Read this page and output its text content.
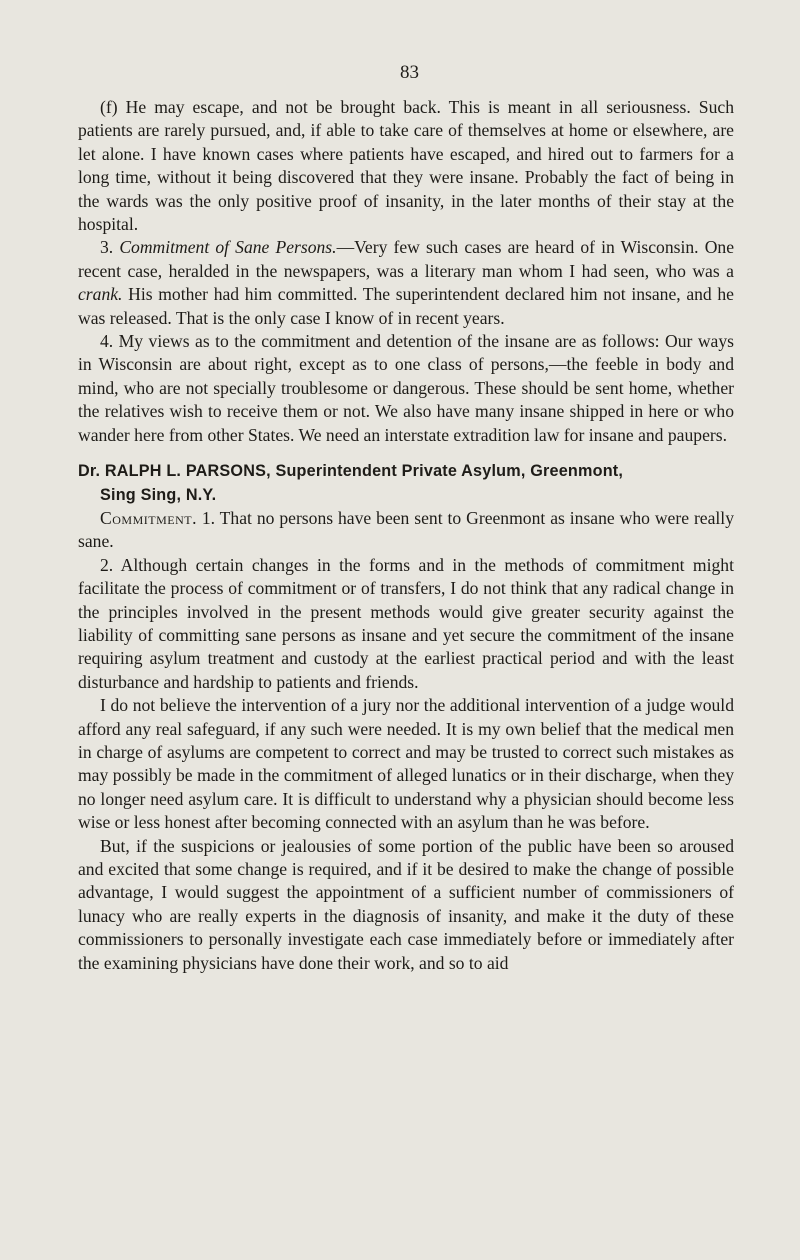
83

(f) He may escape, and not be brought back. This is meant in all seriousness. Such patients are rarely pursued, and, if able to take care of themselves at home or elsewhere, are let alone. I have known cases where patients have escaped, and hired out to farmers for a long time, without it being discovered that they were insane. Probably the fact of being in the wards was the only positive proof of insanity, in the later months of their stay at the hospital.

3. Commitment of Sane Persons.—Very few such cases are heard of in Wisconsin. One recent case, heralded in the newspapers, was a literary man whom I had seen, who was a crank. His mother had him committed. The superintendent declared him not insane, and he was released. That is the only case I know of in recent years.

4. My views as to the commitment and detention of the insane are as follows: Our ways in Wisconsin are about right, except as to one class of persons,—the feeble in body and mind, who are not specially troublesome or dangerous. These should be sent home, whether the relatives wish to receive them or not. We also have many insane shipped in here or who wander here from other States. We need an interstate extradition law for insane and paupers.

Dr. RALPH L. PARSONS, Superintendent Private Asylum, Greenmont,
Sing Sing, N.Y.

Commitment. 1. That no persons have been sent to Greenmont as insane who were really sane.

2. Although certain changes in the forms and in the methods of commitment might facilitate the process of commitment or of transfers, I do not think that any radical change in the principles involved in the present methods would give greater security against the liability of committing sane persons as insane and yet secure the commitment of the insane requiring asylum treatment and custody at the earliest practical period and with the least disturbance and hardship to patients and friends.

I do not believe the intervention of a jury nor the additional intervention of a judge would afford any real safeguard, if any such were needed. It is my own belief that the medical men in charge of asylums are competent to correct and may be trusted to correct such mistakes as may possibly be made in the commitment of alleged lunatics or in their discharge, when they no longer need asylum care. It is difficult to understand why a physician should become less wise or less honest after becoming connected with an asylum than he was before.

But, if the suspicions or jealousies of some portion of the public have been so aroused and excited that some change is required, and if it be desired to make the change of possible advantage, I would suggest the appointment of a sufficient number of commissioners of lunacy who are really experts in the diagnosis of insanity, and make it the duty of these commissioners to personally investigate each case immediately before or immediately after the examining physicians have done their work, and so to aid
